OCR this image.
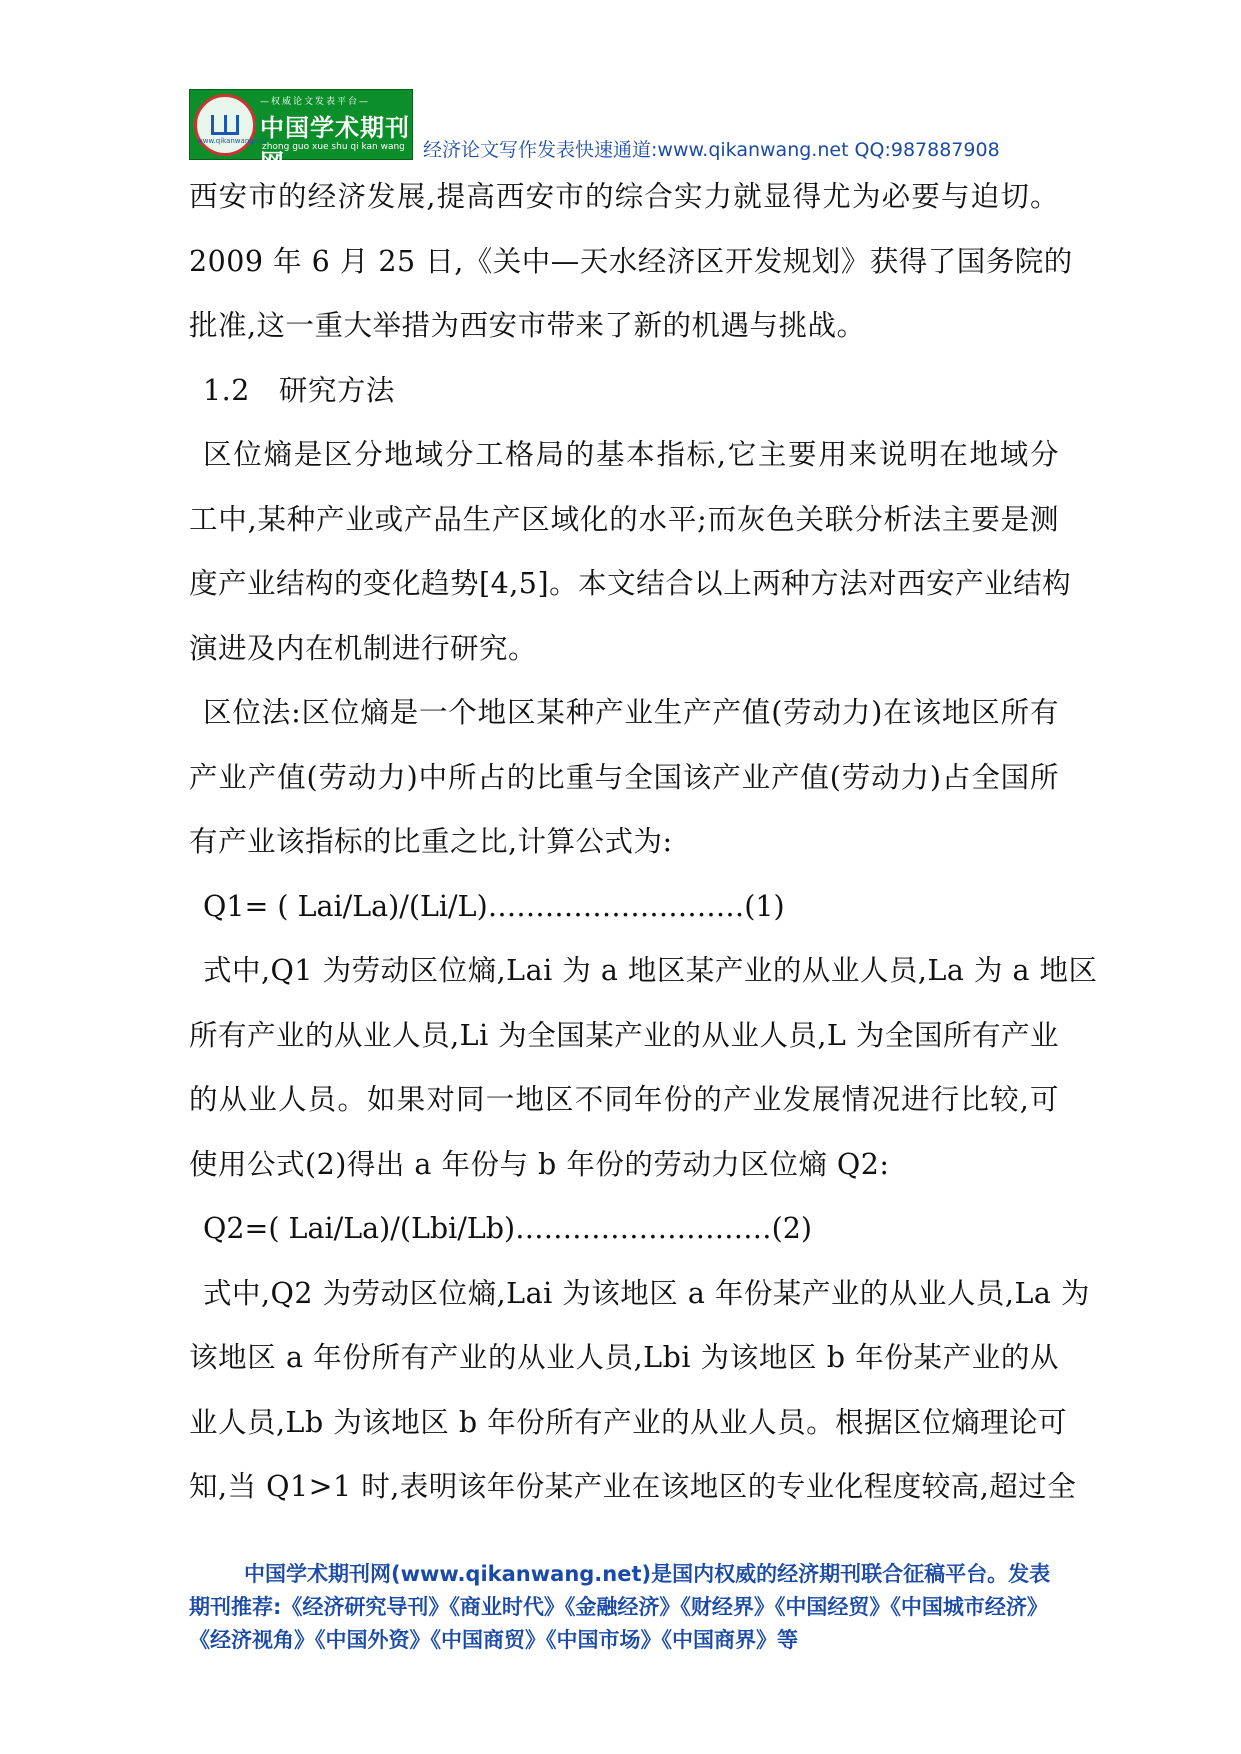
www.qikanwang.net
—权威论文发表平台—
中国学术期刊网
zhong guo xue shu qi kan wang 经济论文写作发表快速通道:www.qikanwang.net QQ:987887908
西安市的经济发展,提高西安市的综合实力就显得尤为必要与迫切。
2009 年 6 月 25 日,《关中—天水经济区开发规划》获得了国务院的
批准,这一重大举措为西安市带来了新的机遇与挑战。
1.2　研究方法
区位熵是区分地域分工格局的基本指标,它主要用来说明在地域分
工中,某种产业或产品生产区域化的水平;而灰色关联分析法主要是测
度产业结构的变化趋势[4,5]。本文结合以上两种方法对西安产业结构
演进及内在机制进行研究。
区位法:区位熵是一个地区某种产业生产产值(劳动力)在该地区所有
产业产值(劳动力)中所占的比重与全国该产业产值(劳动力)占全国所
有产业该指标的比重之比,计算公式为:
Q1= ( Lai/La)/(Li/L)………………………(1)
式中,Q1 为劳动区位熵,Lai 为 a 地区某产业的从业人员,La 为 a 地区
所有产业的从业人员,Li 为全国某产业的从业人员,L 为全国所有产业
的从业人员。如果对同一地区不同年份的产业发展情况进行比较,可
使用公式(2)得出 a 年份与 b 年份的劳动力区位熵 Q2:
Q2=( Lai/La)/(Lbi/Lb)………………………(2)
式中,Q2 为劳动区位熵,Lai 为该地区 a 年份某产业的从业人员,La 为
该地区 a 年份所有产业的从业人员,Lbi 为该地区 b 年份某产业的从
业人员,Lb 为该地区 b 年份所有产业的从业人员。根据区位熵理论可
知,当 Q1>1 时,表明该年份某产业在该地区的专业化程度较高,超过全
中国学术期刊网(www.qikanwang.net)是国内权威的经济期刊联合征稿平台。发表
期刊推荐:《经济研究导刊》《商业时代》《金融经济》《财经界》《中国经贸》《中国城市经济》
《经济视角》《中国外资》《中国商贸》《中国市场》《中国商界》等
